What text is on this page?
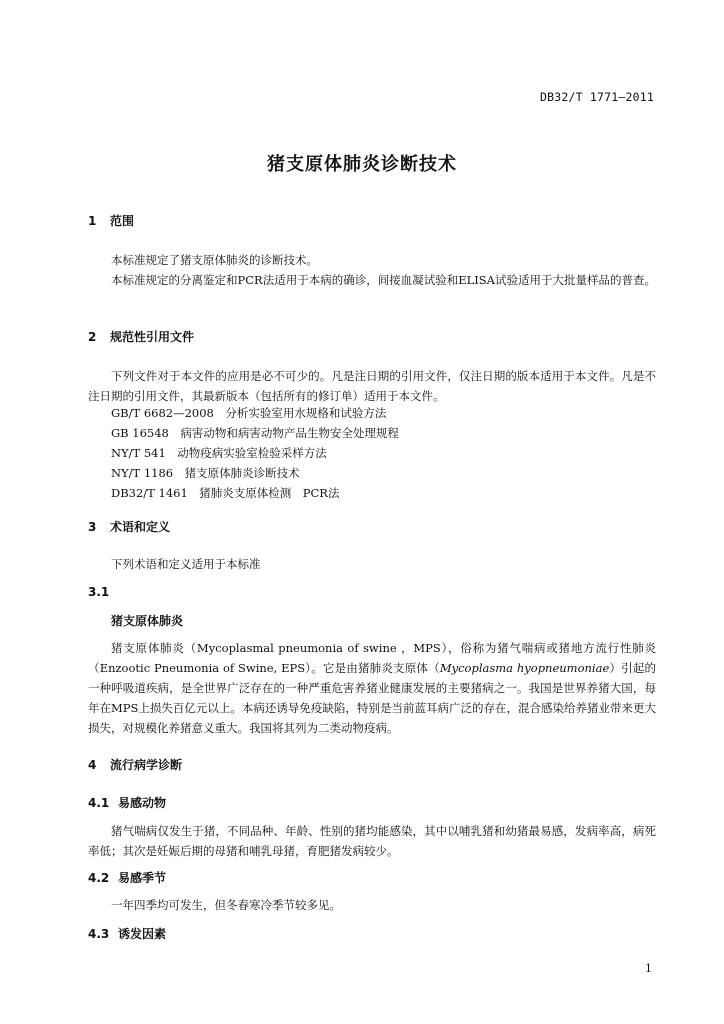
DB32/T 1771—2011
猪支原体肺炎诊断技术
1 范围
本标准规定了猪支原体肺炎的诊断技术。
本标准规定的分离鉴定和PCR法适用于本病的确诊，间接血凝试验和ELISA试验适用于大批量样品的普查。
2 规范性引用文件
下列文件对于本文件的应用是必不可少的。凡是注日期的引用文件，仅注日期的版本适用于本文件。凡是不注日期的引用文件，其最新版本（包括所有的修订单）适用于本文件。
GB/T 6682—2008　分析实验室用水规格和试验方法
GB 16548　病害动物和病害动物产品生物安全处理规程
NY/T 541　动物疫病实验室检验采样方法
NY/T 1186　猪支原体肺炎诊断技术
DB32/T 1461　猪肺炎支原体检测　PCR法
3 术语和定义
下列术语和定义适用于本标准
3.1
猪支原体肺炎
猪支原体肺炎（Mycoplasmal pneumonia of swine ，MPS），俗称为猪气喘病或猪地方流行性肺炎（Enzootic Pneumonia of Swine, EPS）。它是由猪肺炎支原体（Mycoplasma hyopneumoniae）引起的一种呼吸道疾病，是全世界广泛存在的一种严重危害养猪业健康发展的主要猪病之一。我国是世界养猪大国，每年在MPS上损失百亿元以上。本病还诱导免疫缺陷，特别是当前蓝耳病广泛的存在，混合感染给养猪业带来更大损失，对规模化养猪意义重大。我国将其列为二类动物疫病。
4 流行病学诊断
4.1 易感动物
猪气喘病仅发生于猪，不同品种、年龄、性别的猪均能感染，其中以哺乳猪和幼猪最易感，发病率高，病死率低；其次是妊娠后期的母猪和哺乳母猪，育肥猪发病较少。
4.2 易感季节
一年四季均可发生，但冬春寒冷季节较多见。
4.3 诱发因素
1
